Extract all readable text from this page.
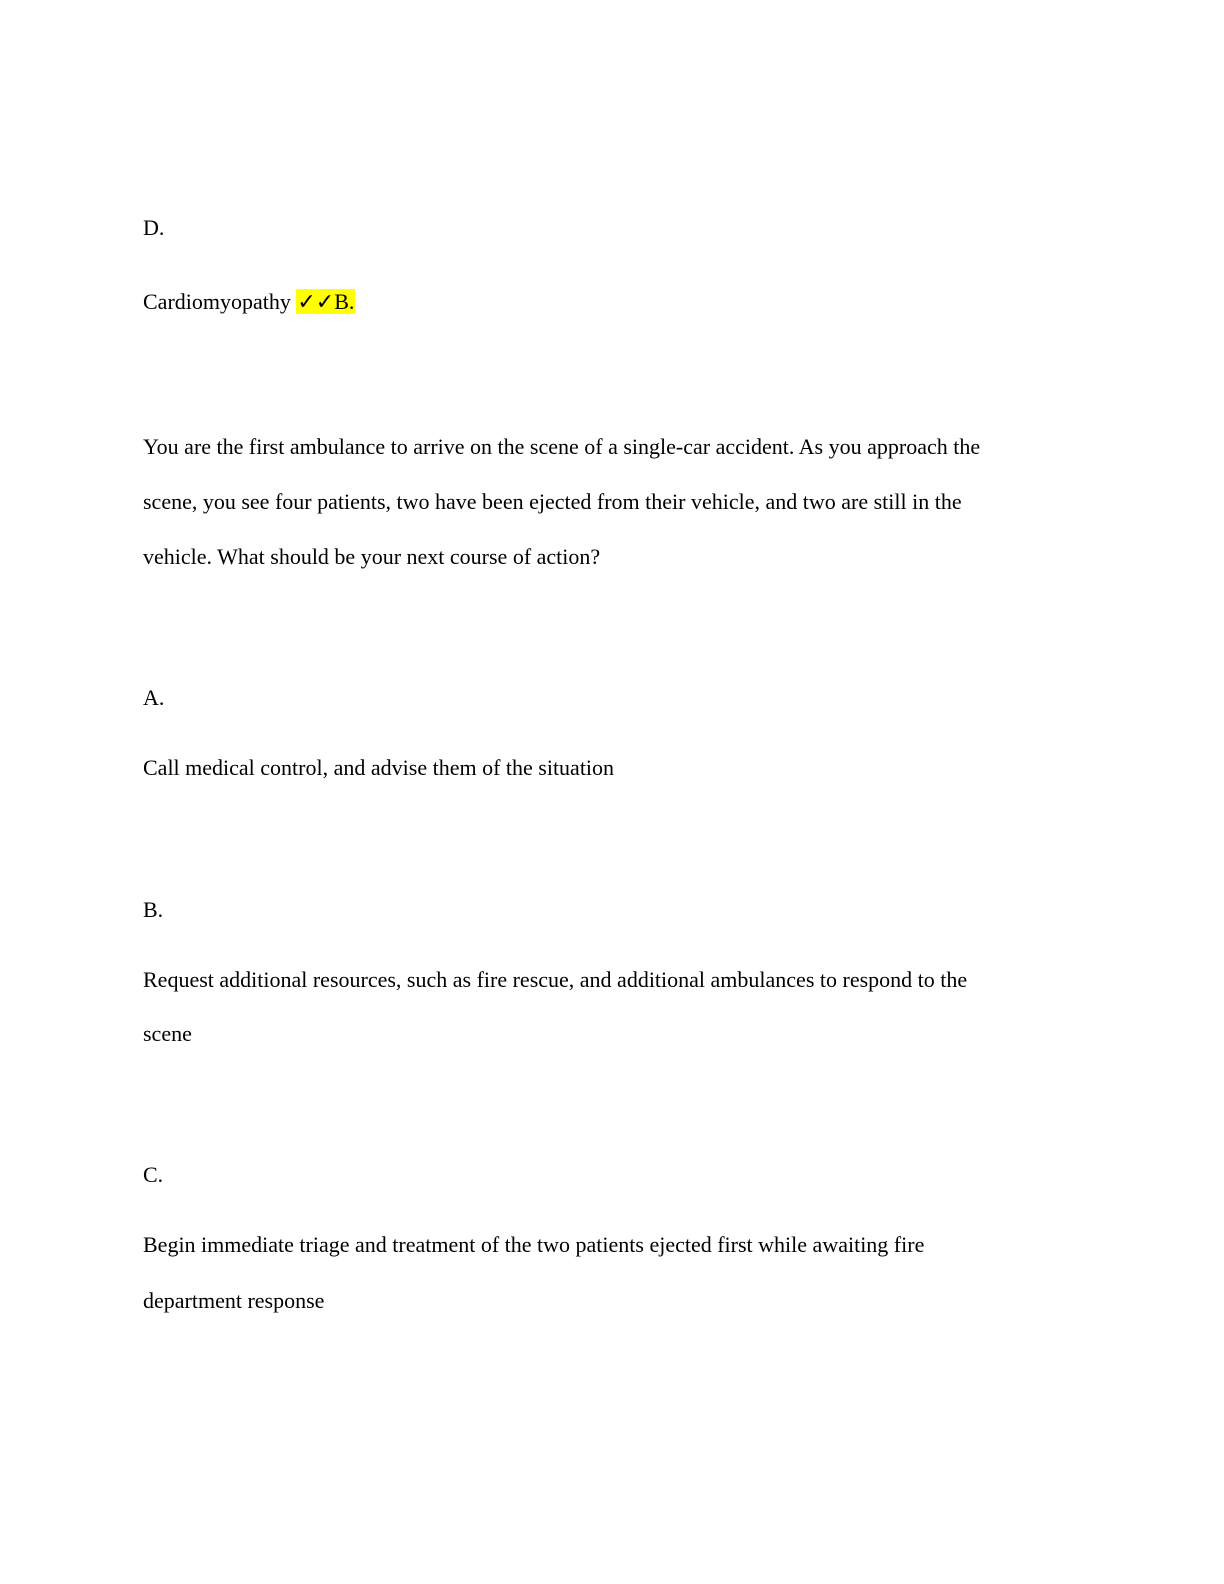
D.
Cardiomyopathy ✓✓B.
You are the first ambulance to arrive on the scene of a single-car accident. As you approach the
scene, you see four patients, two have been ejected from their vehicle, and two are still in the
vehicle. What should be your next course of action?
A.
Call medical control, and advise them of the situation
B.
Request additional resources, such as fire rescue, and additional ambulances to respond to the
scene
C.
Begin immediate triage and treatment of the two patients ejected first while awaiting fire
department response
